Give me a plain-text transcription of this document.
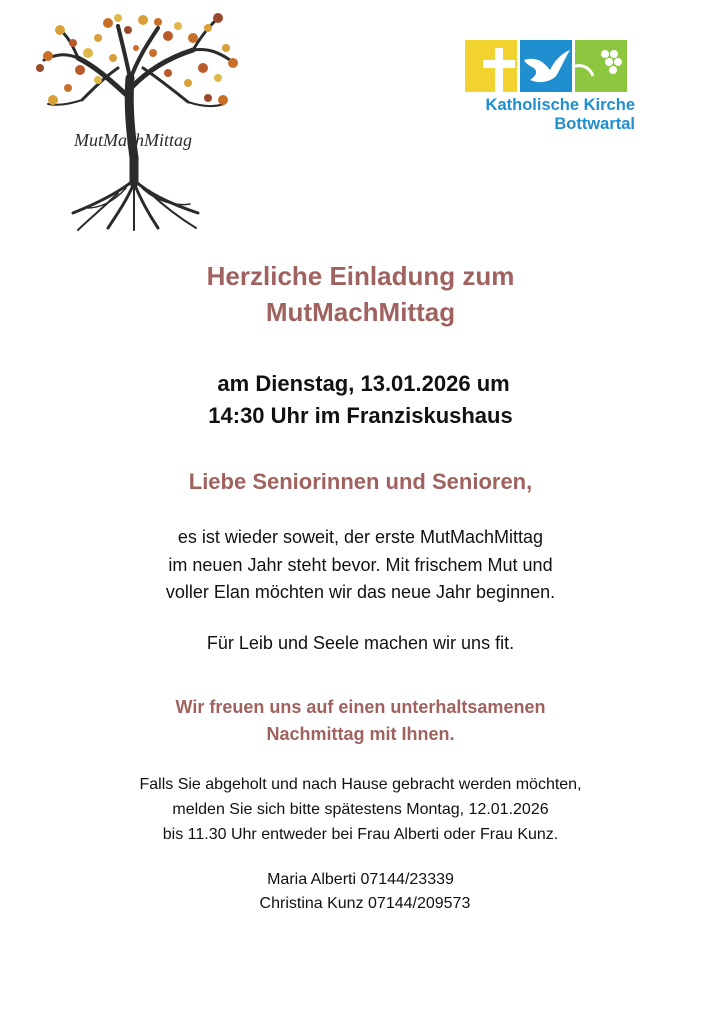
MutMachMittag
Katholische Kirche
Bottwartal
Herzliche Einladung zum
MutMachMittag
am Dienstag, 13.01.2026 um
14:30 Uhr im Franziskushaus
Liebe Seniorinnen und Senioren,
es ist wieder soweit, der erste MutMachMittag
im neuen Jahr steht bevor. Mit frischem Mut und
voller Elan möchten wir das neue Jahr beginnen.
Für Leib und Seele machen wir uns fit.
Wir freuen uns auf einen unterhaltsamenen
Nachmittag mit Ihnen.
Falls Sie abgeholt und nach Hause gebracht werden möchten,
melden Sie sich bitte spätestens Montag, 12.01.2026
bis 11.30 Uhr entweder bei Frau Alberti oder Frau Kunz.
Maria Alberti 07144/23339
Christina Kunz 07144/209573
